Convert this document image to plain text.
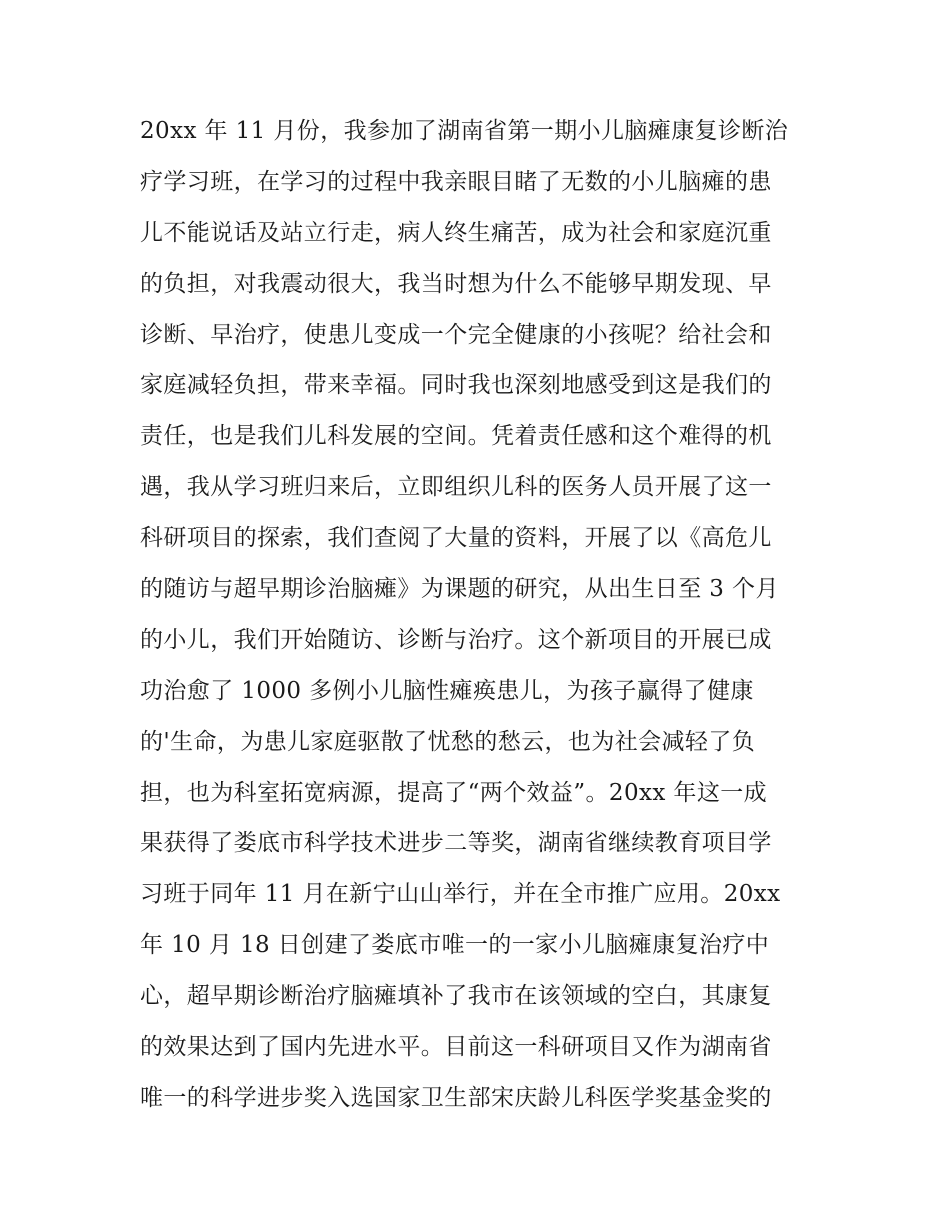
20xx 年 11 月份，我参加了湖南省第一期小儿脑瘫康复诊断治
疗学习班，在学习的过程中我亲眼目睹了无数的小儿脑瘫的患
儿不能说话及站立行走，病人终生痛苦，成为社会和家庭沉重
的负担，对我震动很大，我当时想为什么不能够早期发现、早
诊断、早治疗，使患儿变成一个完全健康的小孩呢？给社会和
家庭减轻负担，带来幸福。同时我也深刻地感受到这是我们的
责任，也是我们儿科发展的空间。凭着责任感和这个难得的机
遇，我从学习班归来后，立即组织儿科的医务人员开展了这一
科研项目的探索，我们查阅了大量的资料，开展了以《高危儿
的随访与超早期诊治脑瘫》为课题的研究，从出生日至 3 个月
的小儿，我们开始随访、诊断与治疗。这个新项目的开展已成
功治愈了 1000 多例小儿脑性瘫痪患儿，为孩子赢得了健康
的'生命，为患儿家庭驱散了忧愁的愁云，也为社会减轻了负
担，也为科室拓宽病源，提高了“两个效益”。20xx 年这一成
果获得了娄底市科学技术进步二等奖，湖南省继续教育项目学
习班于同年 11 月在新宁山山举行，并在全市推广应用。20xx
年 10 月 18 日创建了娄底市唯一的一家小儿脑瘫康复治疗中
心，超早期诊断治疗脑瘫填补了我市在该领域的空白，其康复
的效果达到了国内先进水平。目前这一科研项目又作为湖南省
唯一的科学进步奖入选国家卫生部宋庆龄儿科医学奖基金奖的
